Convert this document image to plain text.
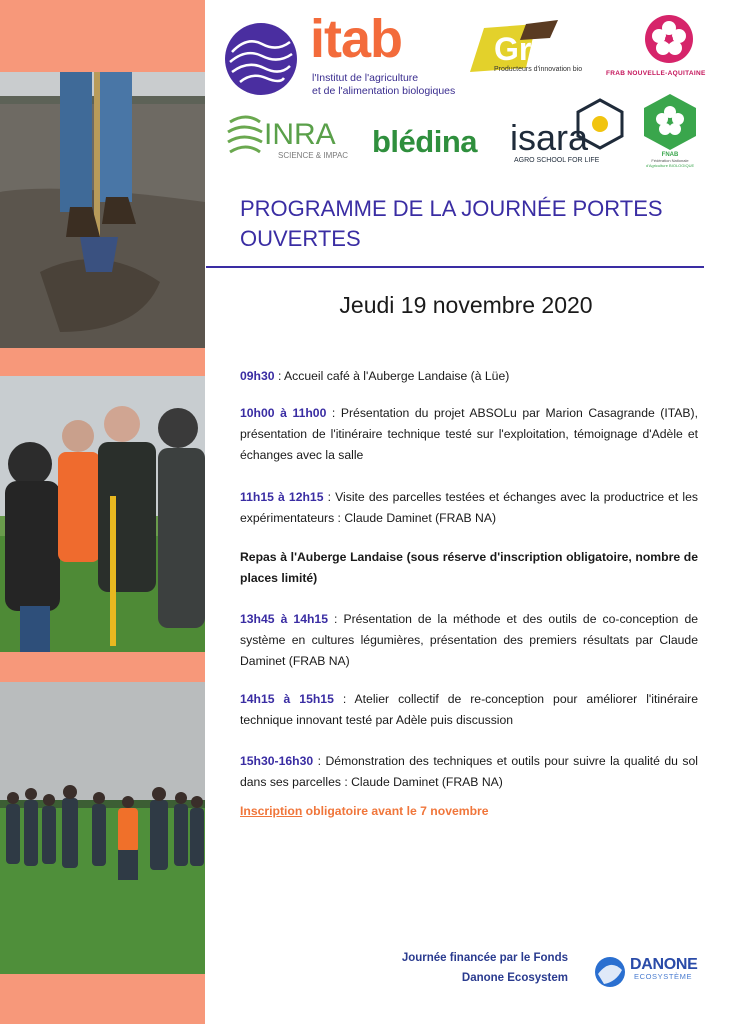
itab
l'Institut de l'agriculture
et de l'alimentation biologiques
Grab
Producteurs d'innovation bio
FRAB NOUVELLE-AQUITAINE
INRA
SCIENCE & IMPACT blédina isara
AGRO SCHOOL FOR LIFE
FNAB
Fédération Nationale
d'Agriculture BIOLOGIQUE
PROGRAMME DE LA JOURNÉE PORTES OUVERTES
Jeudi 19 novembre 2020
09h30 : Accueil café à l'Auberge Landaise (à Lüe)
10h00 à 11h00 : Présentation du projet ABSOLu par Marion Casagrande (ITAB), présentation de l'itinéraire technique testé sur l'exploitation, témoignage d'Adèle et échanges avec la salle
11h15 à 12h15 : Visite des parcelles testées et échanges avec la productrice et les expérimentateurs : Claude Daminet (FRAB NA)
Repas à l'Auberge Landaise (sous réserve d'inscription obligatoire, nombre de places limité)
13h45 à 14h15 : Présentation de la méthode et des outils de co-conception de système en cultures légumières, présentation des premiers résultats par Claude Daminet (FRAB NA)
14h15 à 15h15 : Atelier collectif de re-conception pour améliorer l'itinéraire technique innovant testé par Adèle puis discussion
15h30-16h30 : Démonstration des techniques et outils pour suivre la qualité du sol dans ses parcelles : Claude Daminet (FRAB NA)
Inscription obligatoire avant le 7 novembre
Journée financée par le Fonds
Danone Ecosystem
DANONE
ECOSYSTÈME
